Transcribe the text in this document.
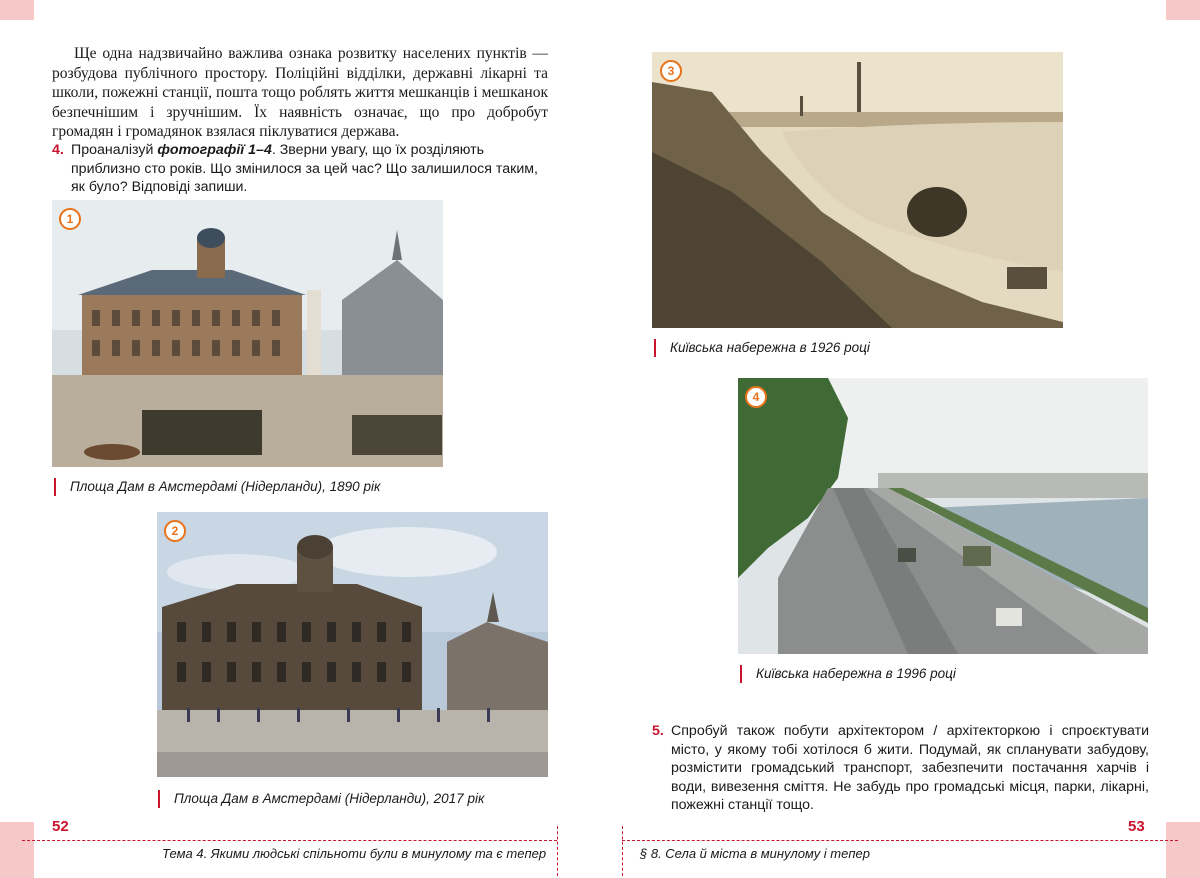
Ще одна надзвичайно важлива ознака розвитку населених пунктів — розбудова публічного простору. Поліційні відділки, державні лікарні та школи, пожежні станції, пошта тощо роблять життя мешканців і мешканок безпечнішим і зручнішим. Їх наявність означає, що про добробут громадян і громадянок взялася піклуватися держава.

4. Проаналізуй фотографії 1–4. Зверни увагу, що їх розділяють приблизно сто років. Що змінилося за цей час? Що залишилося таким, як було? Відповіді запиши.

1
Площа Дам в Амстердамі (Нідерланди), 1890 рік
2
Площа Дам в Амстердамі (Нідерланди), 2017 рік
52
Тема 4. Якими людські спільноти були в минулому та є тепер
3
Київська набережна в 1926 році
4
Київська набережна в 1996 році

5. Спробуй також побути архітектором / архітекторкою і спроєктувати місто, у якому тобі хотілося б жити. Подумай, як спланувати забудову, розмістити громадський транспорт, забезпечити постачання харчів і води, вивезення сміття. Не забудь про громадські місця, парки, лікарні, пожежні станції тощо.

53
§ 8. Села й міста в минулому і тепер
